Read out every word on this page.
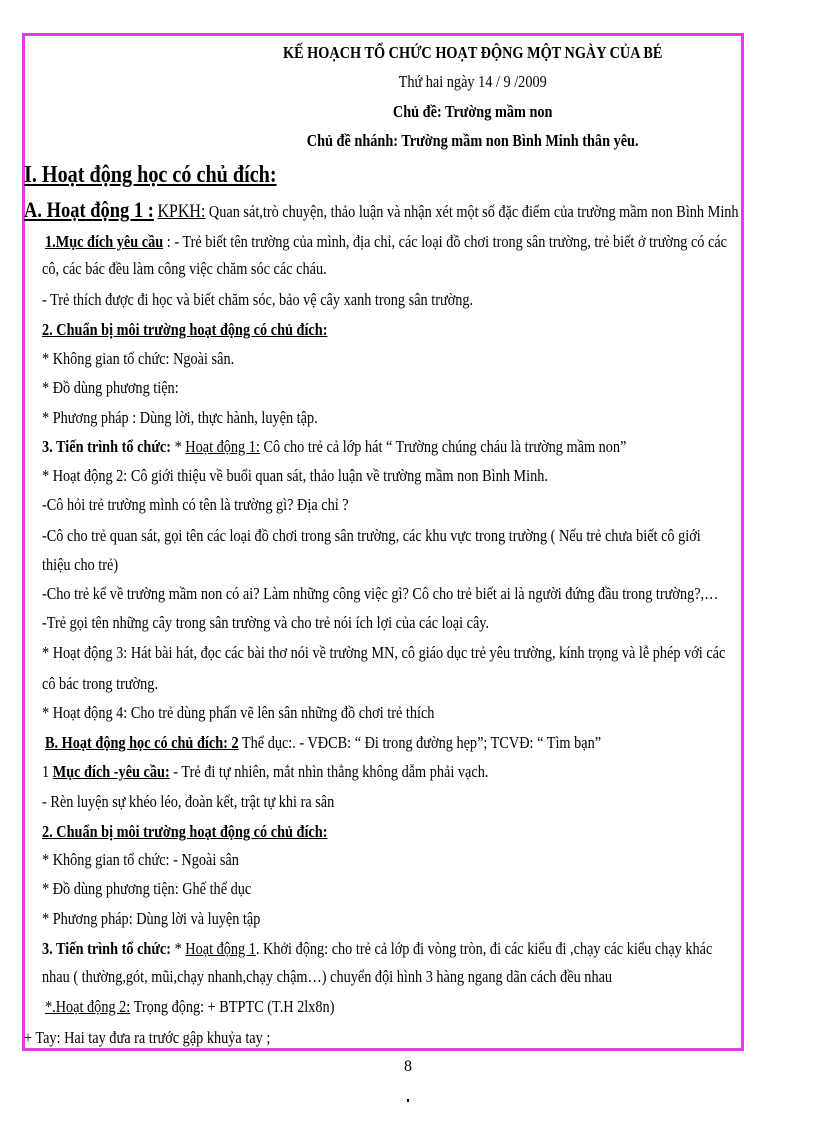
KẾ HOẠCH TỔ CHỨC HOẠT ĐỘNG MỘT NGÀY CỦA BÉ
Thứ hai ngày 14 / 9 /2009
Chủ đề: Trường mầm non
Chủ đề nhánh: Trường mầm non Bình Minh thân yêu.
I. Hoạt động học có chủ đích:
A. Hoạt động 1 : KPKH: Quan sát,trò chuyện, thảo luận và nhận xét một số đặc điểm của trường mầm non Bình Minh
1.Mục đích yêu cầu : - Trẻ biết tên trường của mình, địa chỉ, các loại đồ chơi trong sân trường, trẻ biết ở trường có các
cô, các bác đều làm công việc chăm sóc các cháu.
- Trẻ thích được đi học và biết chăm sóc, bảo vệ cây xanh trong sân trường.
2. Chuẩn bị môi trường hoạt động có chủ đích:
* Không gian tổ chức: Ngoài sân.
* Đồ dùng phương tiện:
* Phương pháp : Dùng lời, thực hành, luyện tập.
3. Tiến trình tổ chức: * Hoạt động 1: Cô cho trẻ cả lớp hát “ Trường chúng cháu là trường mầm non”
* Hoạt động 2: Cô giới thiệu về buổi quan sát, thảo luận về trường mầm non Bình Minh.
-Cô hỏi trẻ trường mình có tên là trường gì? Địa chỉ ?
-Cô cho trẻ quan sát, gọi tên các loại đồ chơi trong sân trường, các khu vực trong trường ( Nếu trẻ chưa biết cô giới
thiệu cho trẻ)
-Cho trẻ kể về trường mầm non có ai? Làm những công việc gì? Cô cho trẻ biết ai là người đứng đầu trong trường?,…
-Trẻ gọi tên những cây trong sân trường và cho trẻ nói ích lợi của các loại cây.
* Hoạt động 3: Hát bài hát, đọc các bài thơ nói về trường MN, cô giáo dục trẻ yêu trường, kính trọng và lễ phép với các
cô bác trong trường.
* Hoạt động 4: Cho trẻ dùng phấn vẽ lên sân những đồ chơi trẻ thích
B. Hoạt động học có chủ đích: 2 Thể dục:. - VĐCB: “ Đi trong đường hẹp”; TCVĐ: “ Tìm bạn”
1 Mục đích -yêu cầu: - Trẻ đi tự nhiên, mắt nhìn thẳng không dẫm phải vạch.
- Rèn luyện sự khéo léo, đoàn kết, trật tự khi ra sân
2. Chuẩn bị môi trường hoạt động có chủ đích:
* Không gian tổ chức: - Ngoài sân
* Đồ dùng phương tiện: Ghế thể dục
* Phương pháp: Dùng lời và luyện tập
3. Tiến trình tổ chức: * Hoạt động 1. Khởi động: cho trẻ cả lớp đi vòng tròn, đi các kiểu đi ,chạy các kiểu chạy khác
nhau ( thường,gót, mũi,chạy nhanh,chạy chậm…) chuyển đội hình 3 hàng ngang dãn cách đều nhau
*.Hoạt động 2: Trọng động: + BTPTC (T.H 2lx8n)
+ Tay: Hai tay đưa ra trước gập khuỷa tay ;
8
